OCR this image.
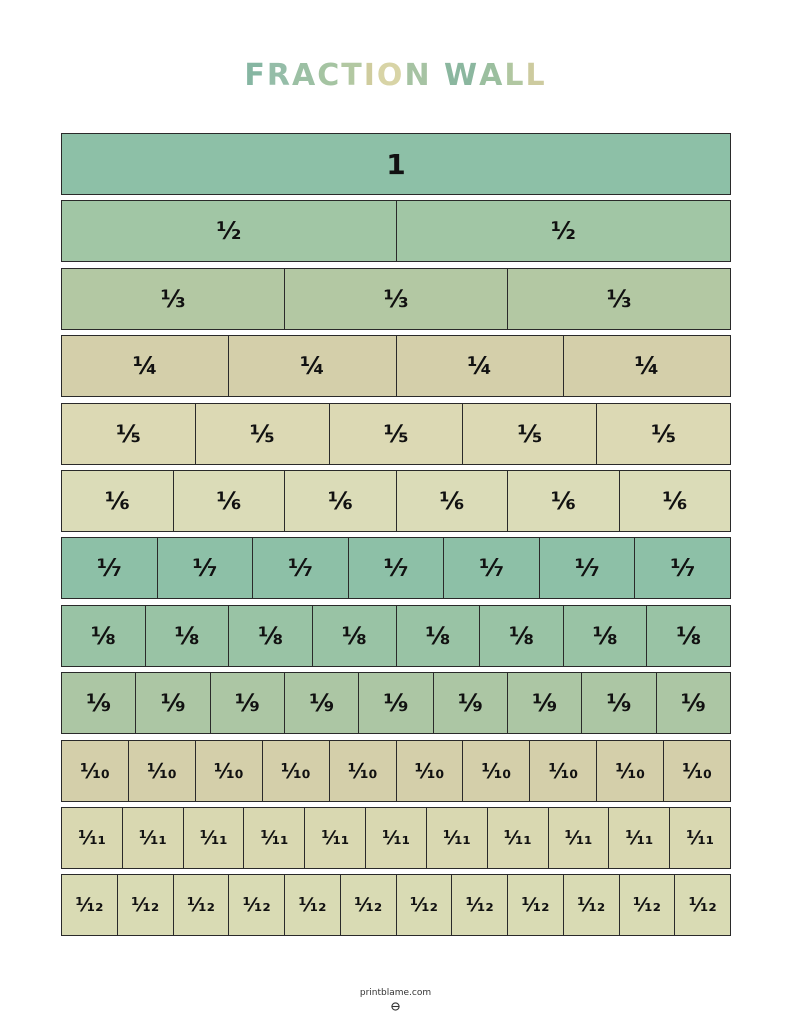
FRACTION WALL
1
½	½
⅓	⅓	⅓
¼	¼	¼	¼
⅕	⅕	⅕	⅕	⅕
⅙	⅙	⅙	⅙	⅙	⅙
⅐	⅐	⅐	⅐	⅐	⅐	⅐
⅛	⅛	⅛	⅛	⅛	⅛	⅛	⅛
⅑	⅑	⅑	⅑	⅑	⅑	⅑	⅑	⅑
⅒	⅒	⅒	⅒	⅒	⅒	⅒	⅒	⅒	⅒
¹⁄₁₁	¹⁄₁₁	¹⁄₁₁	¹⁄₁₁	¹⁄₁₁	¹⁄₁₁	¹⁄₁₁	¹⁄₁₁	¹⁄₁₁	¹⁄₁₁	¹⁄₁₁
¹⁄₁₂	¹⁄₁₂	¹⁄₁₂	¹⁄₁₂	¹⁄₁₂	¹⁄₁₂	¹⁄₁₂	¹⁄₁₂	¹⁄₁₂	¹⁄₁₂	¹⁄₁₂	¹⁄₁₂
printblame.com
